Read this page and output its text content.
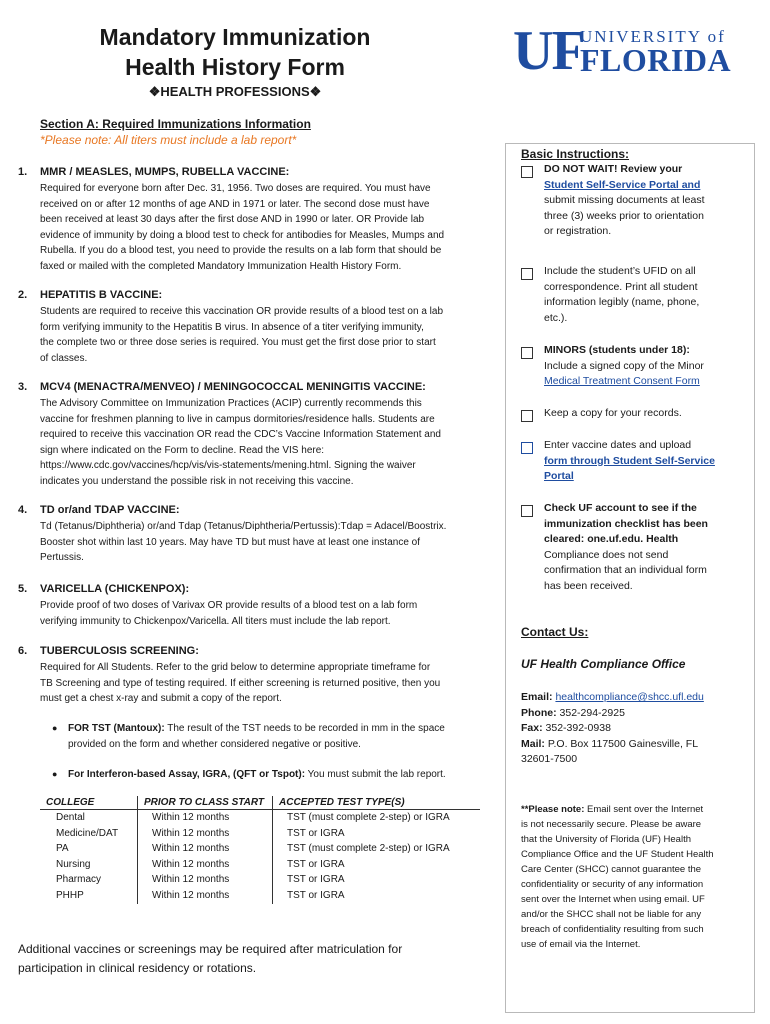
Mandatory Immunization
Health History Form
❖HEALTH PROFESSIONS❖
UF
UNIVERSITY of
FLORIDA
Section A: Required Immunizations Information
*Please note: All titers must include a lab report*
1. MMR / MEASLES, MUMPS, RUBELLA VACCINE:
Required for everyone born after Dec. 31, 1956. Two doses are required. You must have
received on or after 12 months of age AND in 1971 or later. The second dose must have
been received at least 30 days after the first dose AND in 1990 or later. OR Provide lab
evidence of immunity by doing a blood test to check for antibodies for Measles, Mumps and
Rubella. If you do a blood test, you need to provide the results on a lab form that should be
faxed or mailed with the completed Mandatory Immunization Health History Form.
2. HEPATITIS B VACCINE:
Students are required to receive this vaccination OR provide results of a blood test on a lab
form verifying immunity to the Hepatitis B virus. In absence of a titer verifying immunity,
the complete two or three dose series is required. You must get the first dose prior to start
of classes.
3. MCV4 (MENACTRA/MENVEO) / MENINGOCOCCAL MENINGITIS VACCINE:
The Advisory Committee on Immunization Practices (ACIP) currently recommends this
vaccine for freshmen planning to live in campus dormitories/residence halls. Students are
required to receive this vaccination OR read the CDC’s Vaccine Information Statement and
sign where indicated on the Form to decline. Read the VIS here:
https://www.cdc.gov/vaccines/hcp/vis/vis-statements/mening.html. Signing the waiver
indicates you understand the possible risk in not receiving this vaccine.
4. TD or/and TDAP VACCINE:
Td (Tetanus/Diphtheria) or/and Tdap (Tetanus/Diphtheria/Pertussis):Tdap = Adacel/Boostrix.
Booster shot within last 10 years. May have TD but must have at least one instance of
Pertussis.
5. VARICELLA (CHICKENPOX):
Provide proof of two doses of Varivax OR provide results of a blood test on a lab form
verifying immunity to Chickenpox/Varicella. All titers must include the lab report.
6. TUBERCULOSIS SCREENING:
Required for All Students. Refer to the grid below to determine appropriate timeframe for
TB Screening and type of testing required. If either screening is returned positive, then you
must get a chest x-ray and submit a copy of the report.
● FOR TST (Mantoux): The result of the TST needs to be recorded in mm in the space
provided on the form and whether considered negative or positive.
● For Interferon-based Assay, IGRA, (QFT or Tspot): You must submit the lab report.
COLLEGE	PRIOR TO CLASS START	ACCEPTED TEST TYPE(S)
Dental	Within 12 months	TST (must complete 2-step) or IGRA
Medicine/DAT	Within 12 months	TST or IGRA
PA	Within 12 months	TST (must complete 2-step) or IGRA
Nursing	Within 12 months	TST or IGRA
Pharmacy	Within 12 months	TST or IGRA
PHHP	Within 12 months	TST or IGRA
Additional vaccines or screenings may be required after matriculation for
participation in clinical residency or rotations.
Basic Instructions:
DO NOT WAIT! Review your
Student Self-Service Portal and
submit missing documents at least
three (3) weeks prior to orientation
or registration.
Include the student’s UFID on all
correspondence. Print all student
information legibly (name, phone,
etc.).
MINORS (students under 18):
Include a signed copy of the Minor
Medical Treatment Consent Form
Keep a copy for your records.
Enter vaccine dates and upload
form through Student Self-Service
Portal
Check UF account to see if the
immunization checklist has been
cleared: one.uf.edu. Health
Compliance does not send
confirmation that an individual form
has been received.
Contact Us:
UF Health Compliance Office
Email: healthcompliance@shcc.ufl.edu
Phone: 352-294-2925
Fax: 352-392-0938
Mail: P.O. Box 117500 Gainesville, FL
32601-7500
**Please note: Email sent over the Internet
is not necessarily secure. Please be aware
that the University of Florida (UF) Health
Compliance Office and the UF Student Health
Care Center (SHCC) cannot guarantee the
confidentiality or security of any information
sent over the Internet when using email. UF
and/or the SHCC shall not be liable for any
breach of confidentiality resulting from such
use of email via the Internet.
